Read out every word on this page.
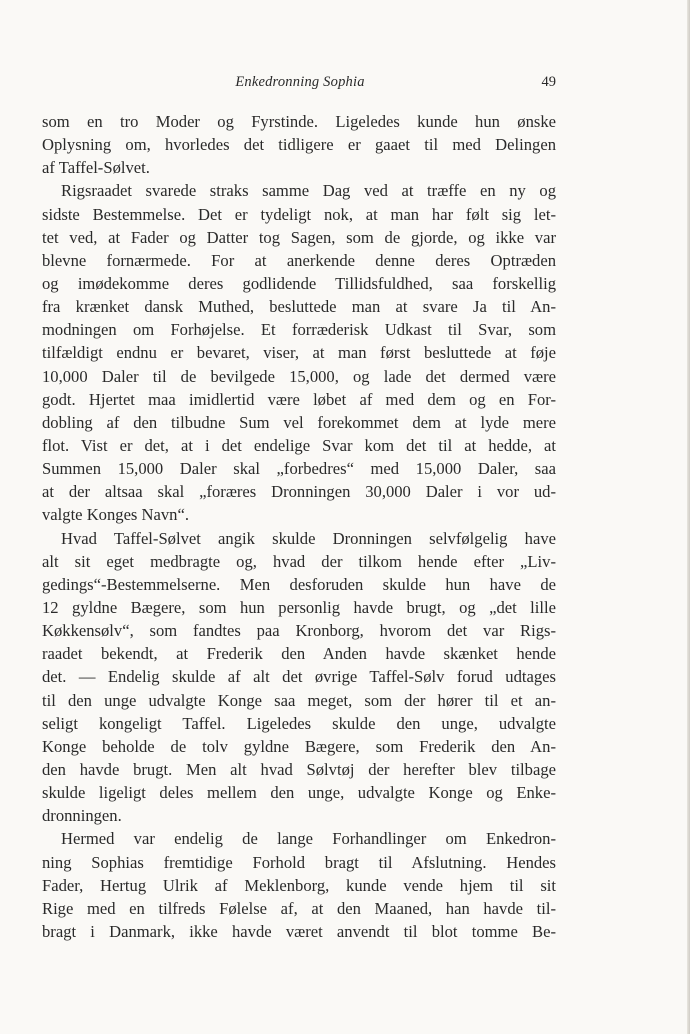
Enkedronning Sophia	49
som en tro Moder og Fyrstinde. Ligeledes kunde hun ønske
Oplysning om, hvorledes det tidligere er gaaet til med Delingen
af Taffel-Sølvet.
Rigsraadet svarede straks samme Dag ved at træffe en ny og
sidste Bestemmelse. Det er tydeligt nok, at man har følt sig let-
tet ved, at Fader og Datter tog Sagen, som de gjorde, og ikke var
blevne fornærmede. For at anerkende denne deres Optræden
og imødekomme deres godlidende Tillidsfuldhed, saa forskellig
fra krænket dansk Muthed, besluttede man at svare Ja til An-
modningen om Forhøjelse. Et forræderisk Udkast til Svar, som
tilfældigt endnu er bevaret, viser, at man først besluttede at føje
10,000 Daler til de bevilgede 15,000, og lade det dermed være
godt. Hjertet maa imidlertid være løbet af med dem og en For-
dobling af den tilbudne Sum vel forekommet dem at lyde mere
flot. Vist er det, at i det endelige Svar kom det til at hedde, at
Summen 15,000 Daler skal „forbedres“ med 15,000 Daler, saa
at der altsaa skal „foræres Dronningen 30,000 Daler i vor ud-
valgte Konges Navn“.
Hvad Taffel-Sølvet angik skulde Dronningen selvfølgelig have
alt sit eget medbragte og, hvad der tilkom hende efter „Liv-
gedings“-Bestemmelserne. Men desforuden skulde hun have de
12 gyldne Bægere, som hun personlig havde brugt, og „det lille
Køkkensølv“, som fandtes paa Kronborg, hvorom det var Rigs-
raadet bekendt, at Frederik den Anden havde skænket hende
det. — Endelig skulde af alt det øvrige Taffel-Sølv forud udtages
til den unge udvalgte Konge saa meget, som der hører til et an-
seligt kongeligt Taffel. Ligeledes skulde den unge, udvalgte
Konge beholde de tolv gyldne Bægere, som Frederik den An-
den havde brugt. Men alt hvad Sølvtøj der herefter blev tilbage
skulde ligeligt deles mellem den unge, udvalgte Konge og Enke-
dronningen.
Hermed var endelig de lange Forhandlinger om Enkedron-
ning Sophias fremtidige Forhold bragt til Afslutning. Hendes
Fader, Hertug Ulrik af Meklenborg, kunde vende hjem til sit
Rige med en tilfreds Følelse af, at den Maaned, han havde til-
bragt i Danmark, ikke havde været anvendt til blot tomme Be-
